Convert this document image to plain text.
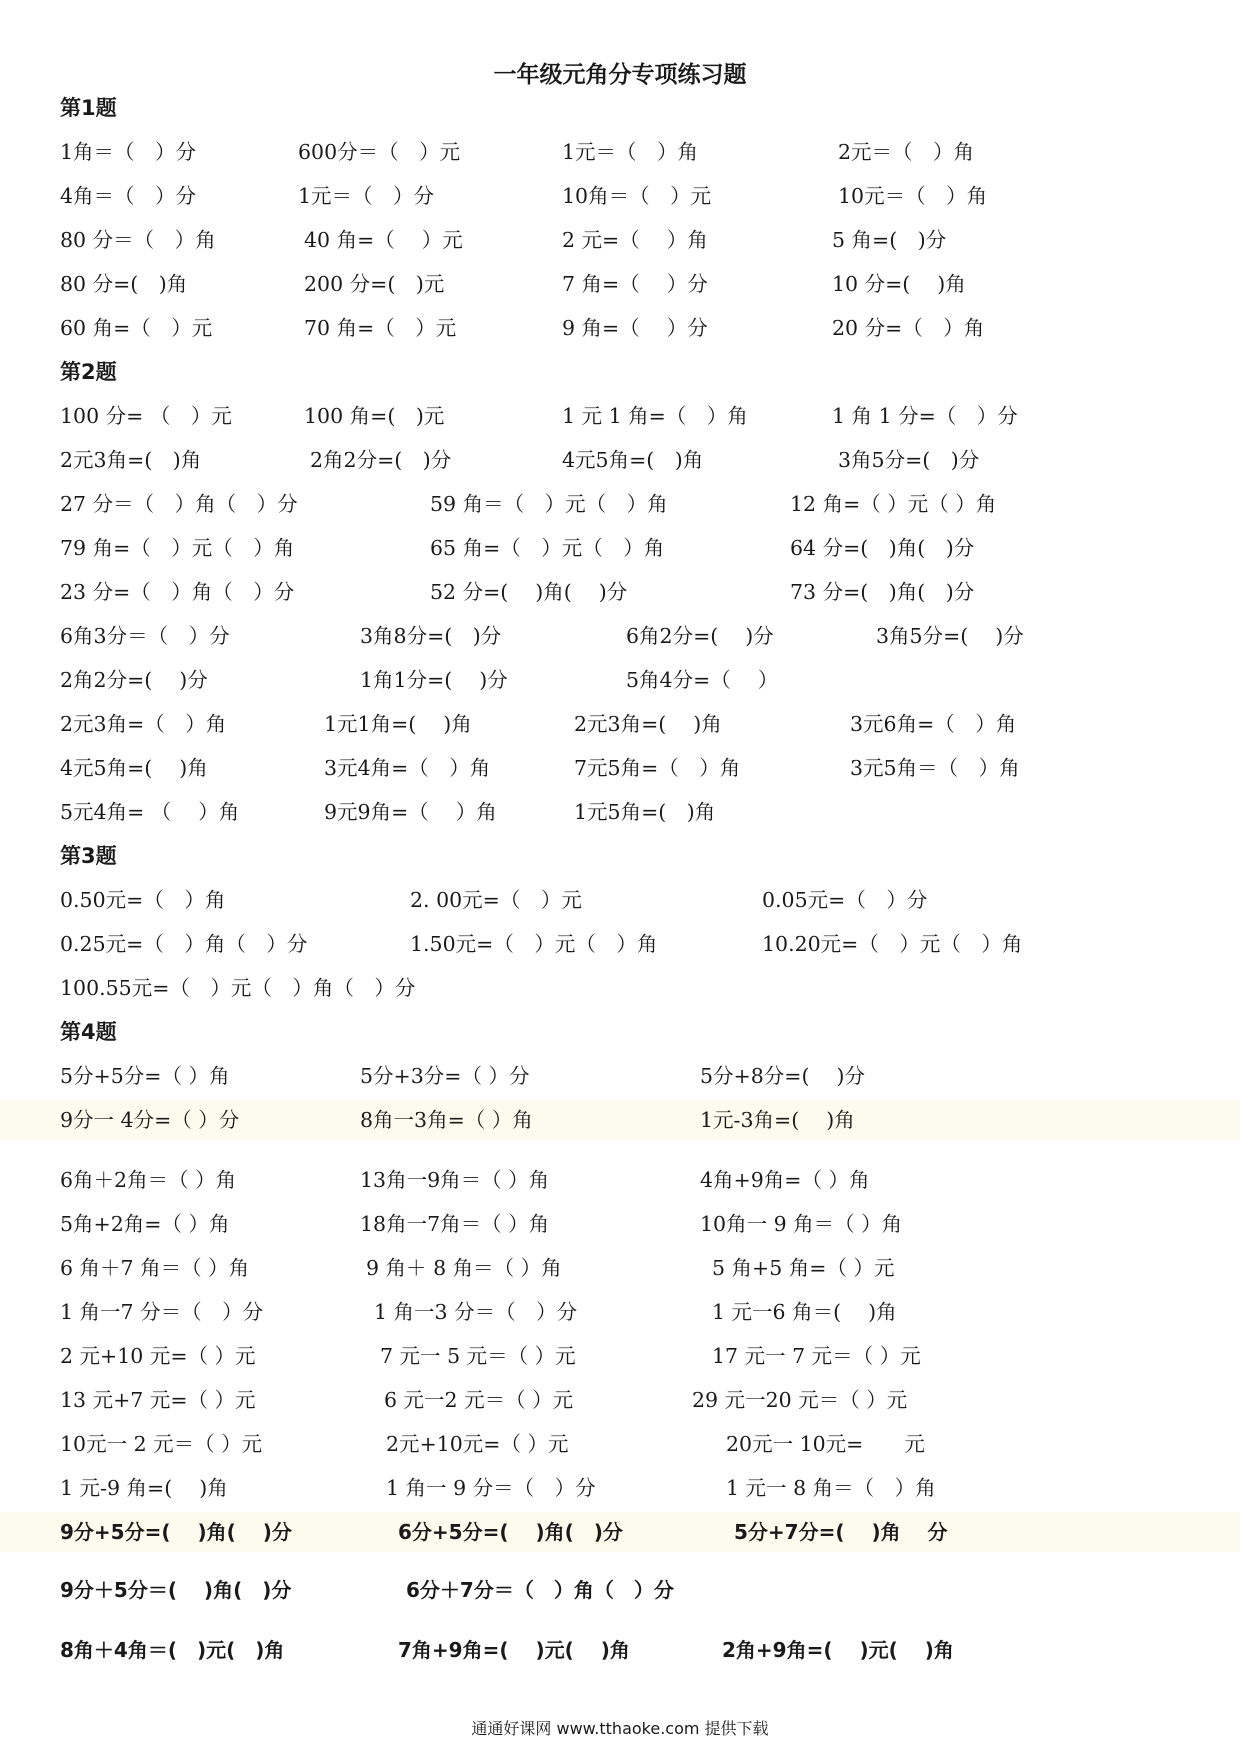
一年级元角分专项练习题
第1题
1角＝（　）分	600分＝（　）元	1元＝（　）角	2元＝（　）角
4角＝（　）分	1元＝（　）分	10角＝（　）元	10元＝（　）角
80 分＝（　）角	40 角=（　 ）元	2 元=（　 ）角	5 角=(　)分
80 分=(　)角	200 分=(　)元	7 角=（　 ）分	10 分=(　 )角
60 角=（　）元	70 角=（　）元	9 角=（　 ）分	20 分=（　）角
第2题
100 分= （　）元	100 角=(　)元	1 元 1 角=（　）角	1 角 1 分=（　）分
2元3角=(　)角	2角2分=(　)分	4元5角=(　)角	3角5分=(　)分
27 分＝（　）角（　）分	59 角＝（　）元（　）角	12 角=（ ）元（ ）角
79 角=（　）元（　）角	65 角=（　）元（　）角	64 分=(　)角(　)分
23 分=（　）角（　）分	52 分=(　 )角(　 )分	73 分=(　)角(　)分
6角3分＝（　）分	3角8分=(　)分	6角2分=(　 )分	3角5分=(　 )分
2角2分=(　 )分	1角1分=(　 )分	5角4分=（　 ）
2元3角=（　）角	1元1角=(　 )角	2元3角=(　 )角	3元6角=（　）角
4元5角=(　 )角	3元4角=（　）角	7元5角=（　）角	3元5角＝（　）角
5元4角= （　 ）角	9元9角=（　 ）角	1元5角=(　)角
第3题
0.50元=（　）角	2. 00元=（　）元	0.05元=（　）分
0.25元=（　）角（　）分	1.50元=（　）元（　）角	10.20元=（　）元（　）角
100.55元=（　）元（　）角（　）分
第4题
5分+5分=（ ）角	5分+3分=（ ）分	5分+8分=(　 )分
9分一 4分=（ ）分	8角一3角=（ ）角	1元-3角=(　 )角
6角＋2角＝（ ）角	13角一9角＝（ ）角	4角+9角=（ ）角
5角+2角=（ ）角	18角一7角＝（ ）角	10角一 9 角＝（ ）角
6 角＋7 角＝（ ）角	9 角＋ 8 角＝（ ）角	5 角+5 角=（ ）元
1 角一7 分＝（　）分	1 角一3 分＝（　）分	1 元一6 角＝(　 )角
2 元+10 元=（ ）元	7 元一 5 元＝（ ）元	17 元一 7 元＝（ ）元
13 元+7 元=（ ）元	6 元一2 元＝（ ）元	29 元一20 元＝（ ）元
10元一 2 元＝（ ）元	2元+10元=（ ）元	20元一 10元=　　元
1 元-9 角=(　 )角	1 角一 9 分＝（　）分	1 元一 8 角＝（　）角
9分+5分=(　 )角(　 )分	6分+5分=(　 )角(　)分	5分+7分=(　 )角　 分
9分＋5分＝(　 )角(　)分	6分＋7分＝（　）角（　）分
8角＋4角＝(　)元(　)角	7角+9角=(　 )元(　 )角	2角+9角=(　 )元(　 )角
通通好课网 www.tthaoke.com 提供下载
